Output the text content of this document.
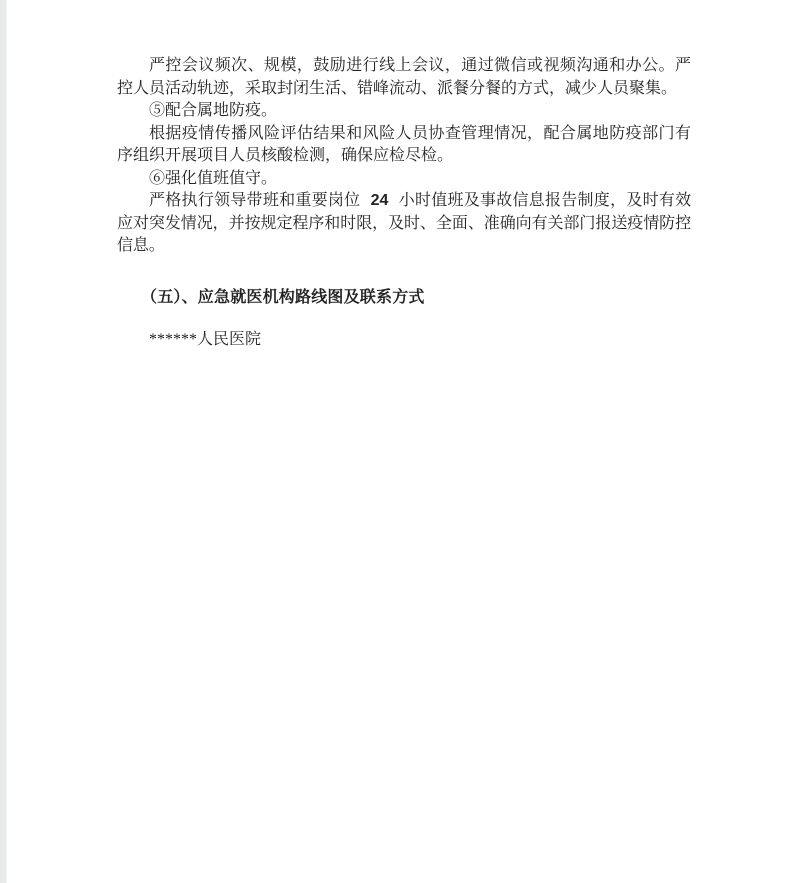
严控会议频次、规模，鼓励进行线上会议，通过微信或视频沟通和办公。严控人员活动轨迹，采取封闭生活、错峰流动、派餐分餐的方式，减少人员聚集。

⑤配合属地防疫。

根据疫情传播风险评估结果和风险人员协查管理情况，配合属地防疫部门有序组织开展项目人员核酸检测，确保应检尽检。

⑥强化值班值守。

严格执行领导带班和重要岗位 24 小时值班及事故信息报告制度，及时有效应对突发情况，并按规定程序和时限，及时、全面、准确向有关部门报送疫情防控信息。

（五）、应急就医机构路线图及联系方式

******人民医院
